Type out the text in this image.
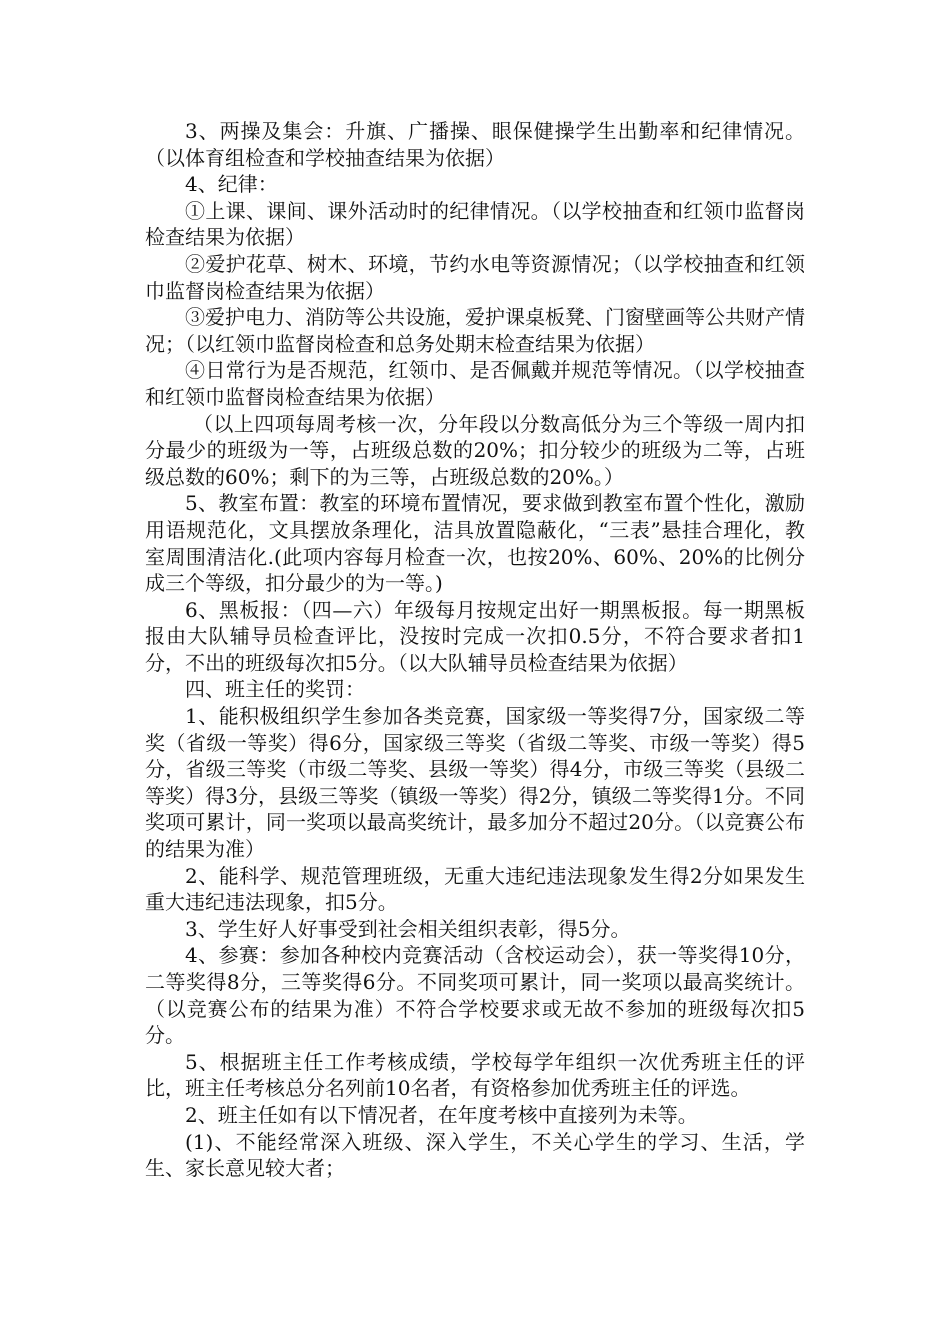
3、两操及集会：升旗、广播操、眼保健操学生出勤率和纪律情况。（以体育组检查和学校抽查结果为依据）

4、纪律：

①上课、课间、课外活动时的纪律情况。（以学校抽查和红领巾监督岗检查结果为依据）

②爱护花草、树木、环境，节约水电等资源情况；（以学校抽查和红领巾监督岗检查结果为依据）

③爱护电力、消防等公共设施，爱护课桌板凳、门窗壁画等公共财产情况；（以红领巾监督岗检查和总务处期末检查结果为依据）

④日常行为是否规范，红领巾、是否佩戴并规范等情况。（以学校抽查和红领巾监督岗检查结果为依据）

（以上四项每周考核一次，分年段以分数高低分为三个等级一周内扣分最少的班级为一等，占班级总数的20%；扣分较少的班级为二等，占班级总数的60%；剩下的为三等，占班级总数的20%。）

5、教室布置：教室的环境布置情况，要求做到教室布置个性化，激励用语规范化，文具摆放条理化，洁具放置隐蔽化，“三表”悬挂合理化，教室周围清洁化.(此项内容每月检查一次，也按20%、60%、20%的比例分成三个等级，扣分最少的为一等。)

6、黑板报：（四—六）年级每月按规定出好一期黑板报。每一期黑板报由大队辅导员检查评比，没按时完成一次扣0.5分，不符合要求者扣1分，不出的班级每次扣5分。（以大队辅导员检查结果为依据）

四、班主任的奖罚：

1、能积极组织学生参加各类竞赛，国家级一等奖得7分，国家级二等奖（省级一等奖）得6分，国家级三等奖（省级二等奖、市级一等奖）得5分，省级三等奖（市级二等奖、县级一等奖）得4分，市级三等奖（县级二等奖）得3分，县级三等奖（镇级一等奖）得2分，镇级二等奖得1分。不同奖项可累计，同一奖项以最高奖统计，最多加分不超过20分。（以竞赛公布的结果为准）

2、能科学、规范管理班级，无重大违纪违法现象发生得2分如果发生重大违纪违法现象，扣5分。

3、学生好人好事受到社会相关组织表彰，得5分。

4、参赛：参加各种校内竞赛活动（含校运动会），获一等奖得10分，二等奖得8分，三等奖得6分。不同奖项可累计，同一奖项以最高奖统计。（以竞赛公布的结果为准）不符合学校要求或无故不参加的班级每次扣5分。

5、根据班主任工作考核成绩，学校每学年组织一次优秀班主任的评比，班主任考核总分名列前10名者，有资格参加优秀班主任的评选。

2、班主任如有以下情况者，在年度考核中直接列为未等。

(1)、不能经常深入班级、深入学生，不关心学生的学习、生活，学生、家长意见较大者；
